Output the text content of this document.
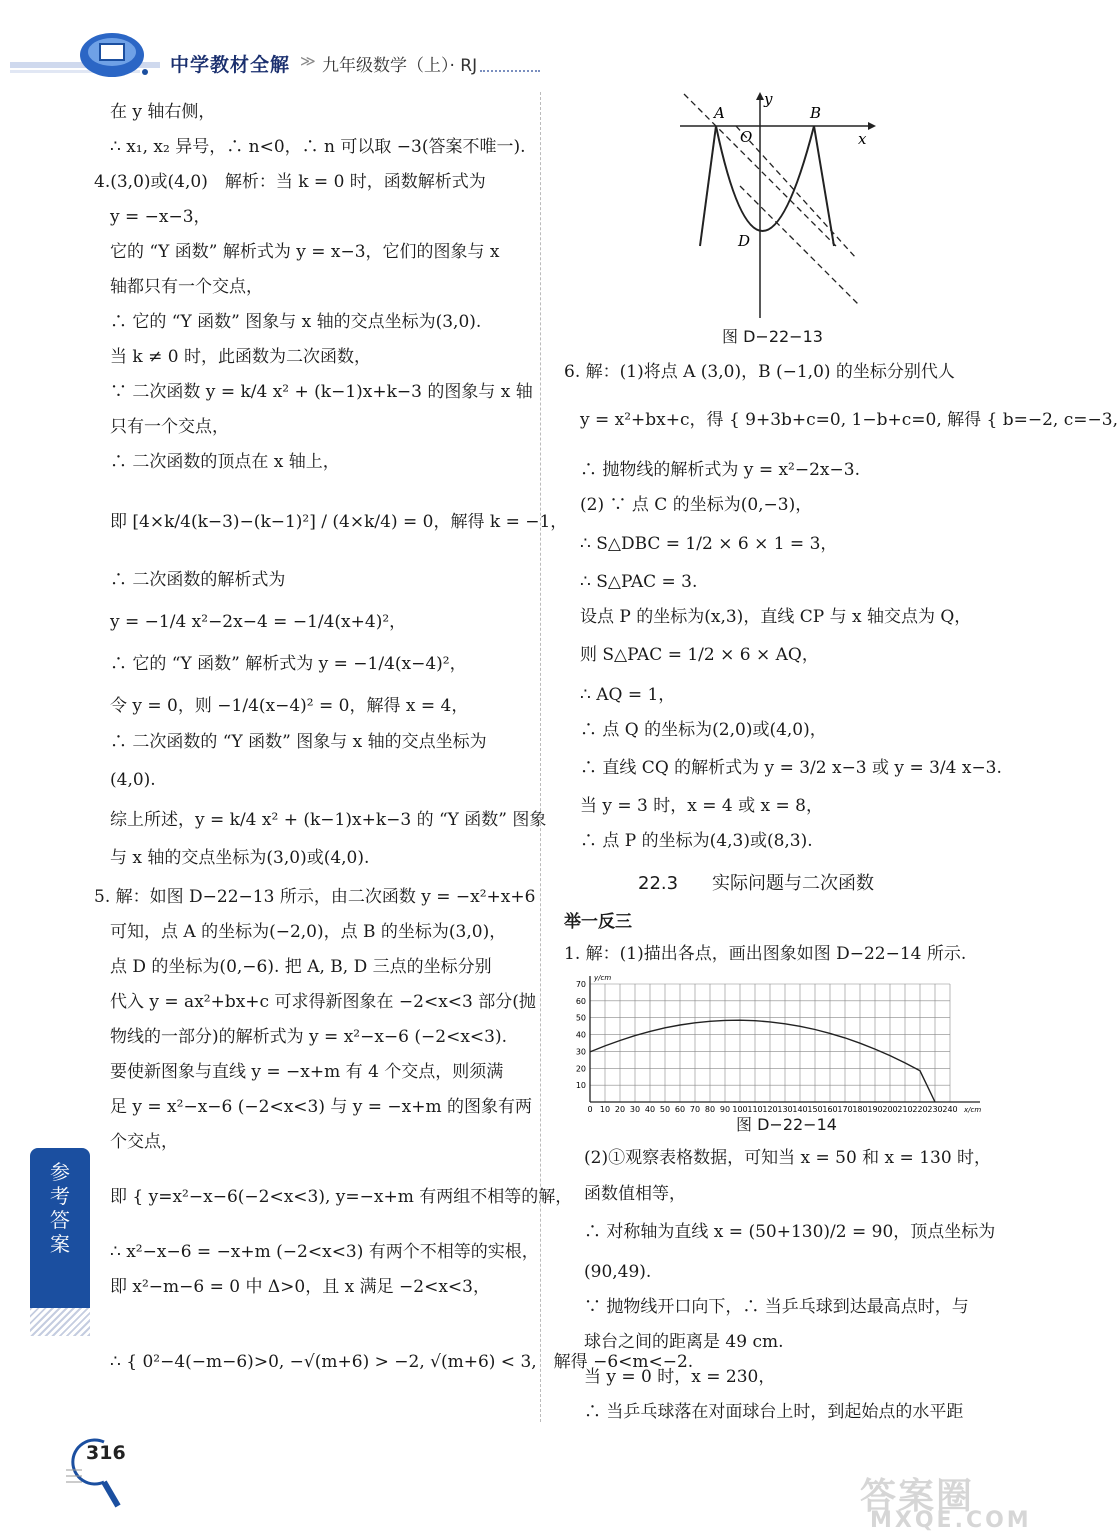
中学教材全解 ≫ 九年级数学（上）· RJ
在 y 轴右侧，
∴ x₁, x₂ 异号，∴ n<0，∴ n 可以取 −3(答案不唯一).
4.(3,0)或(4,0)　解析：当 k = 0 时，函数解析式为
y = −x−3，
它的 “Y 函数” 解析式为 y = x−3，它们的图象与 x
轴都只有一个交点，
∴ 它的 “Y 函数” 图象与 x 轴的交点坐标为(3,0).
当 k ≠ 0 时，此函数为二次函数，
∵ 二次函数 y = k/4 x² + (k−1)x+k−3 的图象与 x 轴
只有一个交点，
∴ 二次函数的顶点在 x 轴上，
即 [4×k/4(k−3)−(k−1)²] / (4×k/4) = 0，解得 k = −1，
∴ 二次函数的解析式为
y = −1/4 x²−2x−4 = −1/4(x+4)²，
∴ 它的 “Y 函数” 解析式为 y = −1/4(x−4)²，
令 y = 0，则 −1/4(x−4)² = 0，解得 x = 4，
∴ 二次函数的 “Y 函数” 图象与 x 轴的交点坐标为
(4,0).
综上所述，y = k/4 x² + (k−1)x+k−3 的 “Y 函数” 图象
与 x 轴的交点坐标为(3,0)或(4,0).
5. 解：如图 D−22−13 所示，由二次函数 y = −x²+x+6
可知，点 A 的坐标为(−2,0)，点 B 的坐标为(3,0)，
点 D 的坐标为(0,−6). 把 A, B, D 三点的坐标分别
代入 y = ax²+bx+c 可求得新图象在 −2<x<3 部分(抛
物线的一部分)的解析式为 y = x²−x−6 (−2<x<3).
要使新图象与直线 y = −x+m 有 4 个交点，则须满
足 y = x²−x−6 (−2<x<3) 与 y = −x+m 的图象有两
个交点，
即 { y=x²−x−6(−2<x<3), y=−x+m 有两组不相等的解，
∴ x²−x−6 = −x+m (−2<x<3) 有两个不相等的实根，
即 x²−m−6 = 0 中 Δ>0，且 x 满足 −2<x<3，
∴ { 0²−4(−m−6)>0, −√(m+6) > −2, √(m+6) < 3,　解得 −6<m<−2.
A
y
B
O	x
D
图 D−22−13
6. 解：(1)将点 A (3,0)，B (−1,0) 的坐标分别代人
y = x²+bx+c，得 { 9+3b+c=0, 1−b+c=0, 解得 { b=−2, c=−3,
∴ 抛物线的解析式为 y = x²−2x−3.
(2) ∵ 点 C 的坐标为(0,−3)，
∴ S△DBC = 1/2 × 6 × 1 = 3，
∴ S△PAC = 3.
设点 P 的坐标为(x,3)，直线 CP 与 x 轴交点为 Q，
则 S△PAC = 1/2 × 6 × AQ，
∴ AQ = 1，
∴ 点 Q 的坐标为(2,0)或(4,0)，
∴ 直线 CQ 的解析式为 y = 3/2 x−3 或 y = 3/4 x−3.
当 y = 3 时，x = 4 或 x = 8，
∴ 点 P 的坐标为(4,3)或(8,3).
22.3 实际问题与二次函数
举一反三
1. 解：(1)描出各点，画出图象如图 D−22−14 所示.
0 10 20 30 40 50 60 70 80 90 100 110 120 130 140 150 160 170 180 190 200 210 220 230 240
10
20
30
40
50
60
70
x/cm
y/cm
图 D−22−14
(2)①观察表格数据，可知当 x = 50 和 x = 130 时，
函数值相等，
∴ 对称轴为直线 x = (50+130)/2 = 90，顶点坐标为
(90,49).
∵ 抛物线开口向下，∴ 当乒乓球到达最高点时，与
球台之间的距离是 49 cm.
当 y = 0 时，x = 230，
∴ 当乒乓球落在对面球台上时，到起始点的水平距
参考答案
316
答案圈
MXQE.COM
